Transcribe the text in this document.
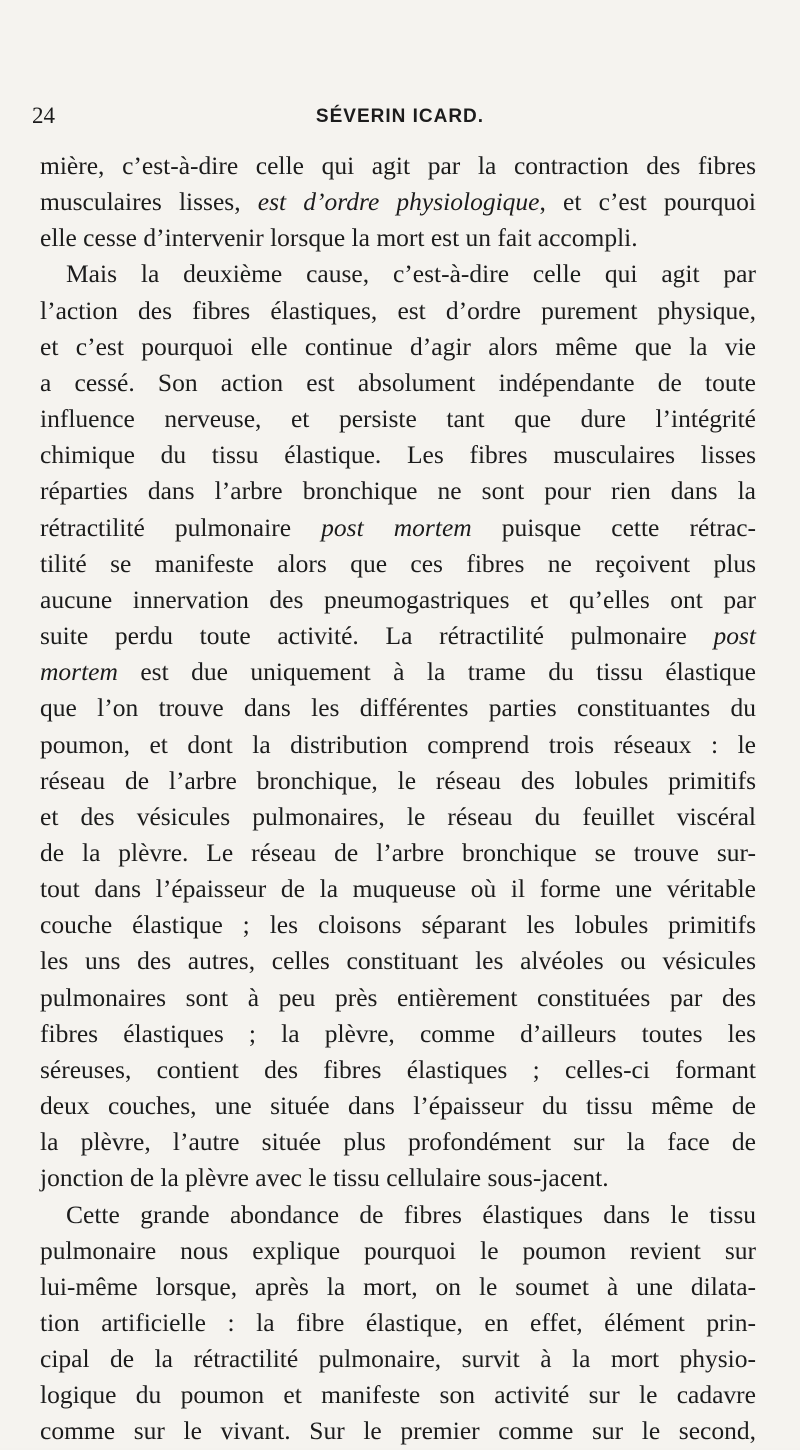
24	SÉVERIN ICARD.
mière, c’est-à-dire celle qui agit par la contraction des fibres
musculaires lisses, est d’ordre physiologique, et c’est pourquoi
elle cesse d’intervenir lorsque la mort est un fait accompli.
Mais la deuxième cause, c’est-à-dire celle qui agit par
l’action des fibres élastiques, est d’ordre purement physique,
et c’est pourquoi elle continue d’agir alors même que la vie
a cessé. Son action est absolument indépendante de toute
influence nerveuse, et persiste tant que dure l’intégrité
chimique du tissu élastique. Les fibres musculaires lisses
réparties dans l’arbre bronchique ne sont pour rien dans la
rétractilité pulmonaire post mortem puisque cette rétrac-
tilité se manifeste alors que ces fibres ne reçoivent plus
aucune innervation des pneumogastriques et qu’elles ont par
suite perdu toute activité. La rétractilité pulmonaire post
mortem est due uniquement à la trame du tissu élastique
que l’on trouve dans les différentes parties constituantes du
poumon, et dont la distribution comprend trois réseaux : le
réseau de l’arbre bronchique, le réseau des lobules primitifs
et des vésicules pulmonaires, le réseau du feuillet viscéral
de la plèvre. Le réseau de l’arbre bronchique se trouve sur-
tout dans l’épaisseur de la muqueuse où il forme une véritable
couche élastique ; les cloisons séparant les lobules primitifs
les uns des autres, celles constituant les alvéoles ou vésicules
pulmonaires sont à peu près entièrement constituées par des
fibres élastiques ; la plèvre, comme d’ailleurs toutes les
séreuses, contient des fibres élastiques ; celles-ci formant
deux couches, une située dans l’épaisseur du tissu même de
la plèvre, l’autre située plus profondément sur la face de
jonction de la plèvre avec le tissu cellulaire sous-jacent.
Cette grande abondance de fibres élastiques dans le tissu
pulmonaire nous explique pourquoi le poumon revient sur
lui-même lorsque, après la mort, on le soumet à une dilata-
tion artificielle : la fibre élastique, en effet, élément prin-
cipal de la rétractilité pulmonaire, survit à la mort physio-
logique du poumon et manifeste son activité sur le cadavre
comme sur le vivant. Sur le premier comme sur le second,
